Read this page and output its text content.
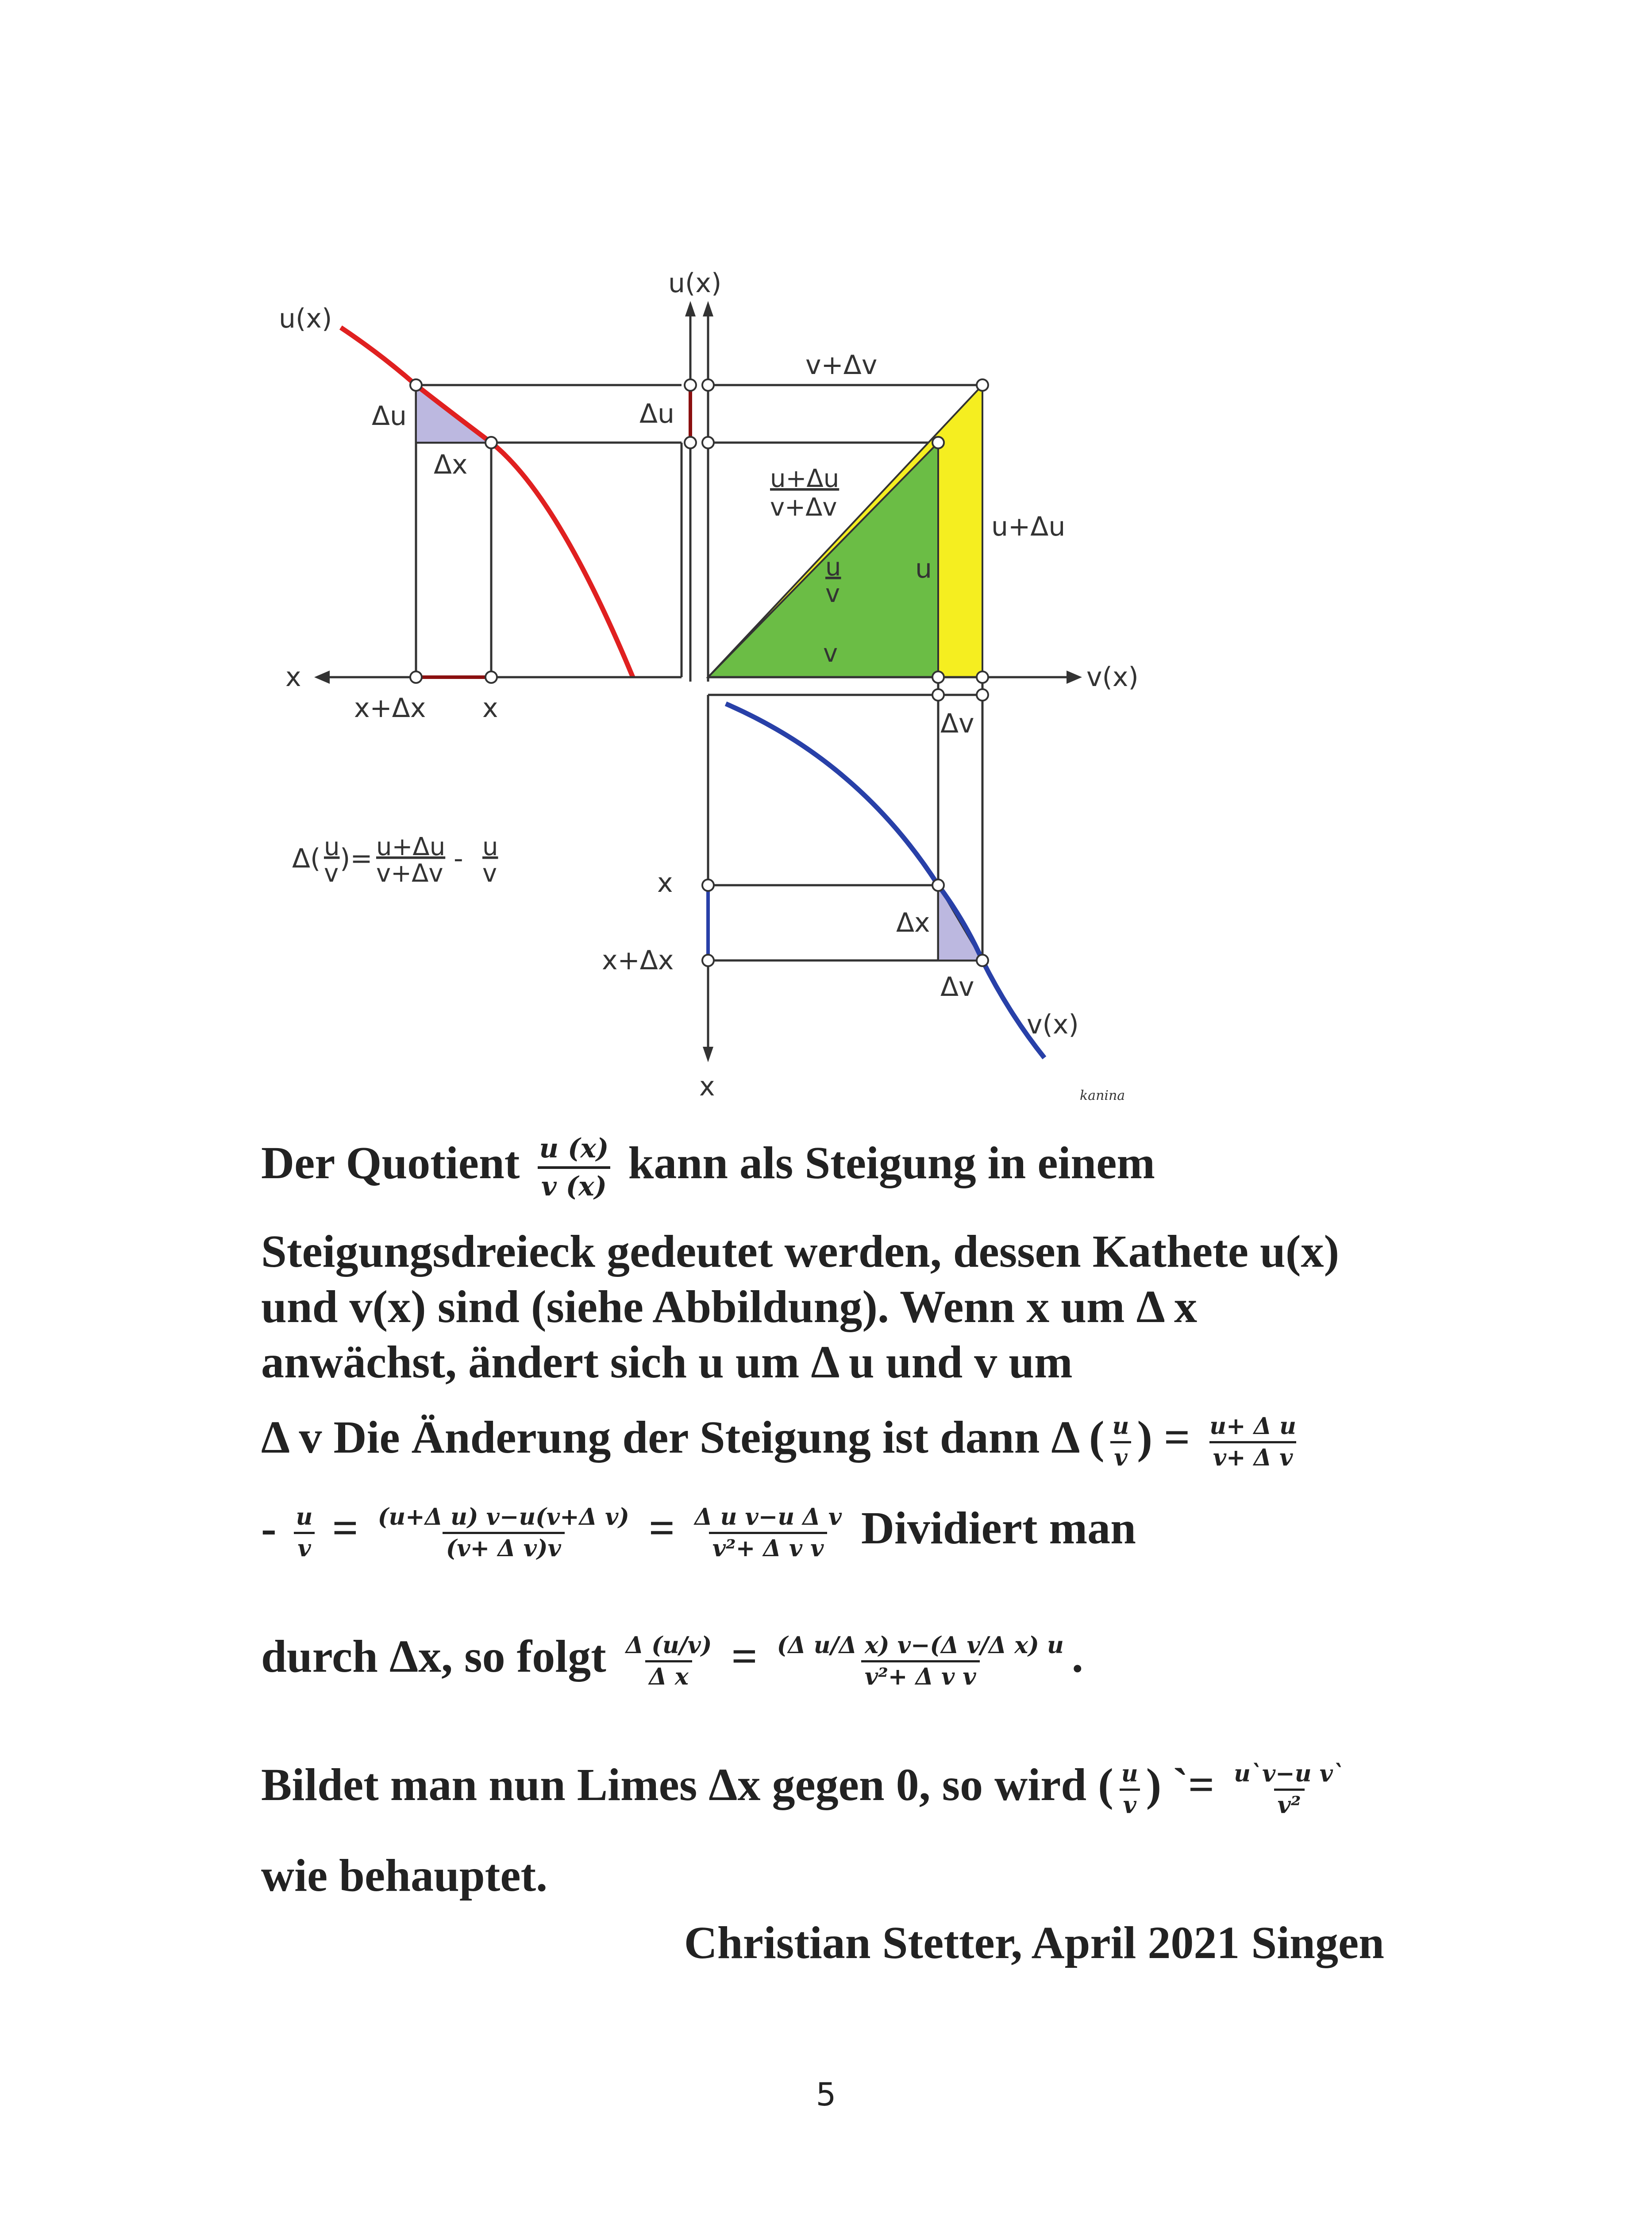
u(x)
u(x)
v+Δv
Δu	Δu
Δx	u+Δu
v+Δv
u
v
u
v
u+Δu
x
x+Δx x
v(x)
Δv
x
x+Δx
Δx
Δv
v(x)
x	kanina
Δ( u
v )= u+Δu
v+Δv - u
v
Der Quotient $\frac{u (x)}{v (x)}$ kann als Steigung in einem
Steigungsdreieck gedeutet werden, dessen Kathete u(x)
und v(x) sind (siehe Abbildung). Wenn x um Δ x
anwächst, ändert sich u um Δ u und v um
Δ v Die Änderung der Steigung ist dann Δ ( $\frac{u}{v}$ ) = $\frac{\text{u+ Δ u}}{\text{v+ Δ v}}$
- $\frac{u}{v} = \frac{\text{(u+Δ u) v−u(v+Δ v)}}{\text{(v+ Δ v)v}} = \frac{\text{Δ u v−u Δ v}}{\text{v²+ Δ v v}}$ Dividiert man
durch Δx, so folgt $\frac{\Delta (u/v)}{\text{Δ x}} = \frac{\text{(Δ u/Δ x) v−(Δ v/Δ x) u}}{\text{v²+ Δ v v}}$ .
Bildet man nun Limes Δx gegen 0, so wird ( $\frac{u}{v}$ ) `= $\frac{\text{u`v−u v`}}{\text{v²}}$
wie behauptet.
Christian Stetter, April 2021 Singen
5
